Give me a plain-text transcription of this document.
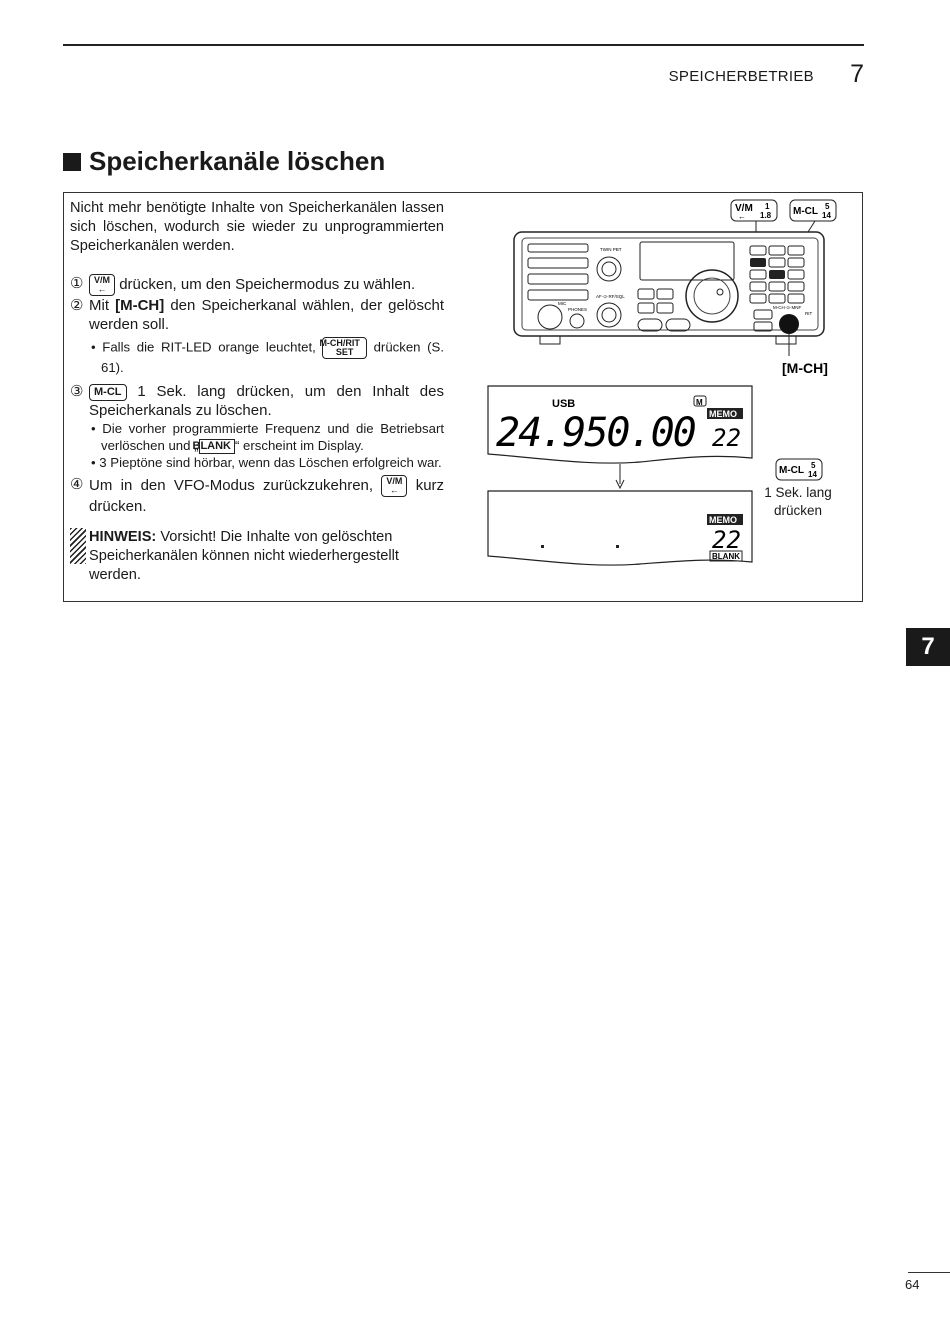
SPEICHERBETRIEB 7
Speicherkanäle löschen

Nicht mehr benötigte Inhalte von Speicherkanälen lassen sich löschen, wodurch sie wieder zu unprogrammierten Speicherkanälen werden.

①	V/M
← drücken, um den Speichermodus zu wählen.
② Mit [M-CH] den Speicherkanal wählen, der gelöscht werden soll.
• Falls die RIT-LED orange leuchtet, M-CH/RIT
SET drücken (S. 61).
③ M-CL 1 Sek. lang drücken, um den Inhalt des Speicherkanals zu löschen.
• Die vorher programmierte Frequenz und die Betriebsart verlöschen und „BLANK “ erscheint im Display.
• 3 Pieptöne sind hörbar, wenn das Löschen erfolgreich war.
④ Um in den VFO-Modus zurückzukehren, V/M
← kurz drücken.
HINWEIS: Vorsicht! Die Inhalte von gelöschten Speicherkanälen können nicht wiederhergestellt werden.
V/M 1
← 1.8 M-CL 5
14
MIC
PHONES
TWIN PBT
AF·⊙·RF/SQL
M-CH·⊙·MNF
RIT
[M-CH]
USB	M
MEMO
24.950.00 22
MEMO
22
BLANK
M-CL 5
14
1 Sek. lang drücken
7
64
